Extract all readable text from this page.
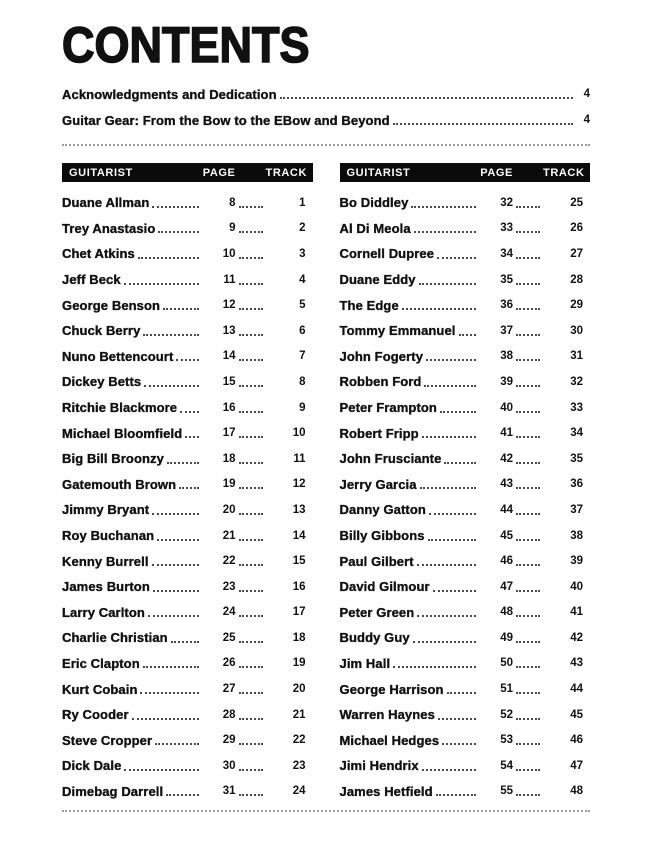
CONTENTS
Acknowledgments and Dedication	4
Guitar Gear: From the Bow to the EBow and Beyond	4
GUITARIST	PAGE	TRACK
Duane Allman	8	1
Trey Anastasio	9	2
Chet Atkins	10	3
Jeff Beck	11	4
George Benson	12	5
Chuck Berry	13	6
Nuno Bettencourt	14	7
Dickey Betts	15	8
Ritchie Blackmore	16	9
Michael Bloomfield	17	10
Big Bill Broonzy	18	11
Gatemouth Brown	19	12
Jimmy Bryant	20	13
Roy Buchanan	21	14
Kenny Burrell	22	15
James Burton	23	16
Larry Carlton	24	17
Charlie Christian	25	18
Eric Clapton	26	19
Kurt Cobain	27	20
Ry Cooder	28	21
Steve Cropper	29	22
Dick Dale	30	23
Dimebag Darrell	31	24
GUITARIST	PAGE	TRACK
Bo Diddley	32	25
Al Di Meola	33	26
Cornell Dupree	34	27
Duane Eddy	35	28
The Edge	36	29
Tommy Emmanuel	37	30
John Fogerty	38	31
Robben Ford	39	32
Peter Frampton	40	33
Robert Fripp	41	34
John Frusciante	42	35
Jerry Garcia	43	36
Danny Gatton	44	37
Billy Gibbons	45	38
Paul Gilbert	46	39
David Gilmour	47	40
Peter Green	48	41
Buddy Guy	49	42
Jim Hall	50	43
George Harrison	51	44
Warren Haynes	52	45
Michael Hedges	53	46
Jimi Hendrix	54	47
James Hetfield	55	48
